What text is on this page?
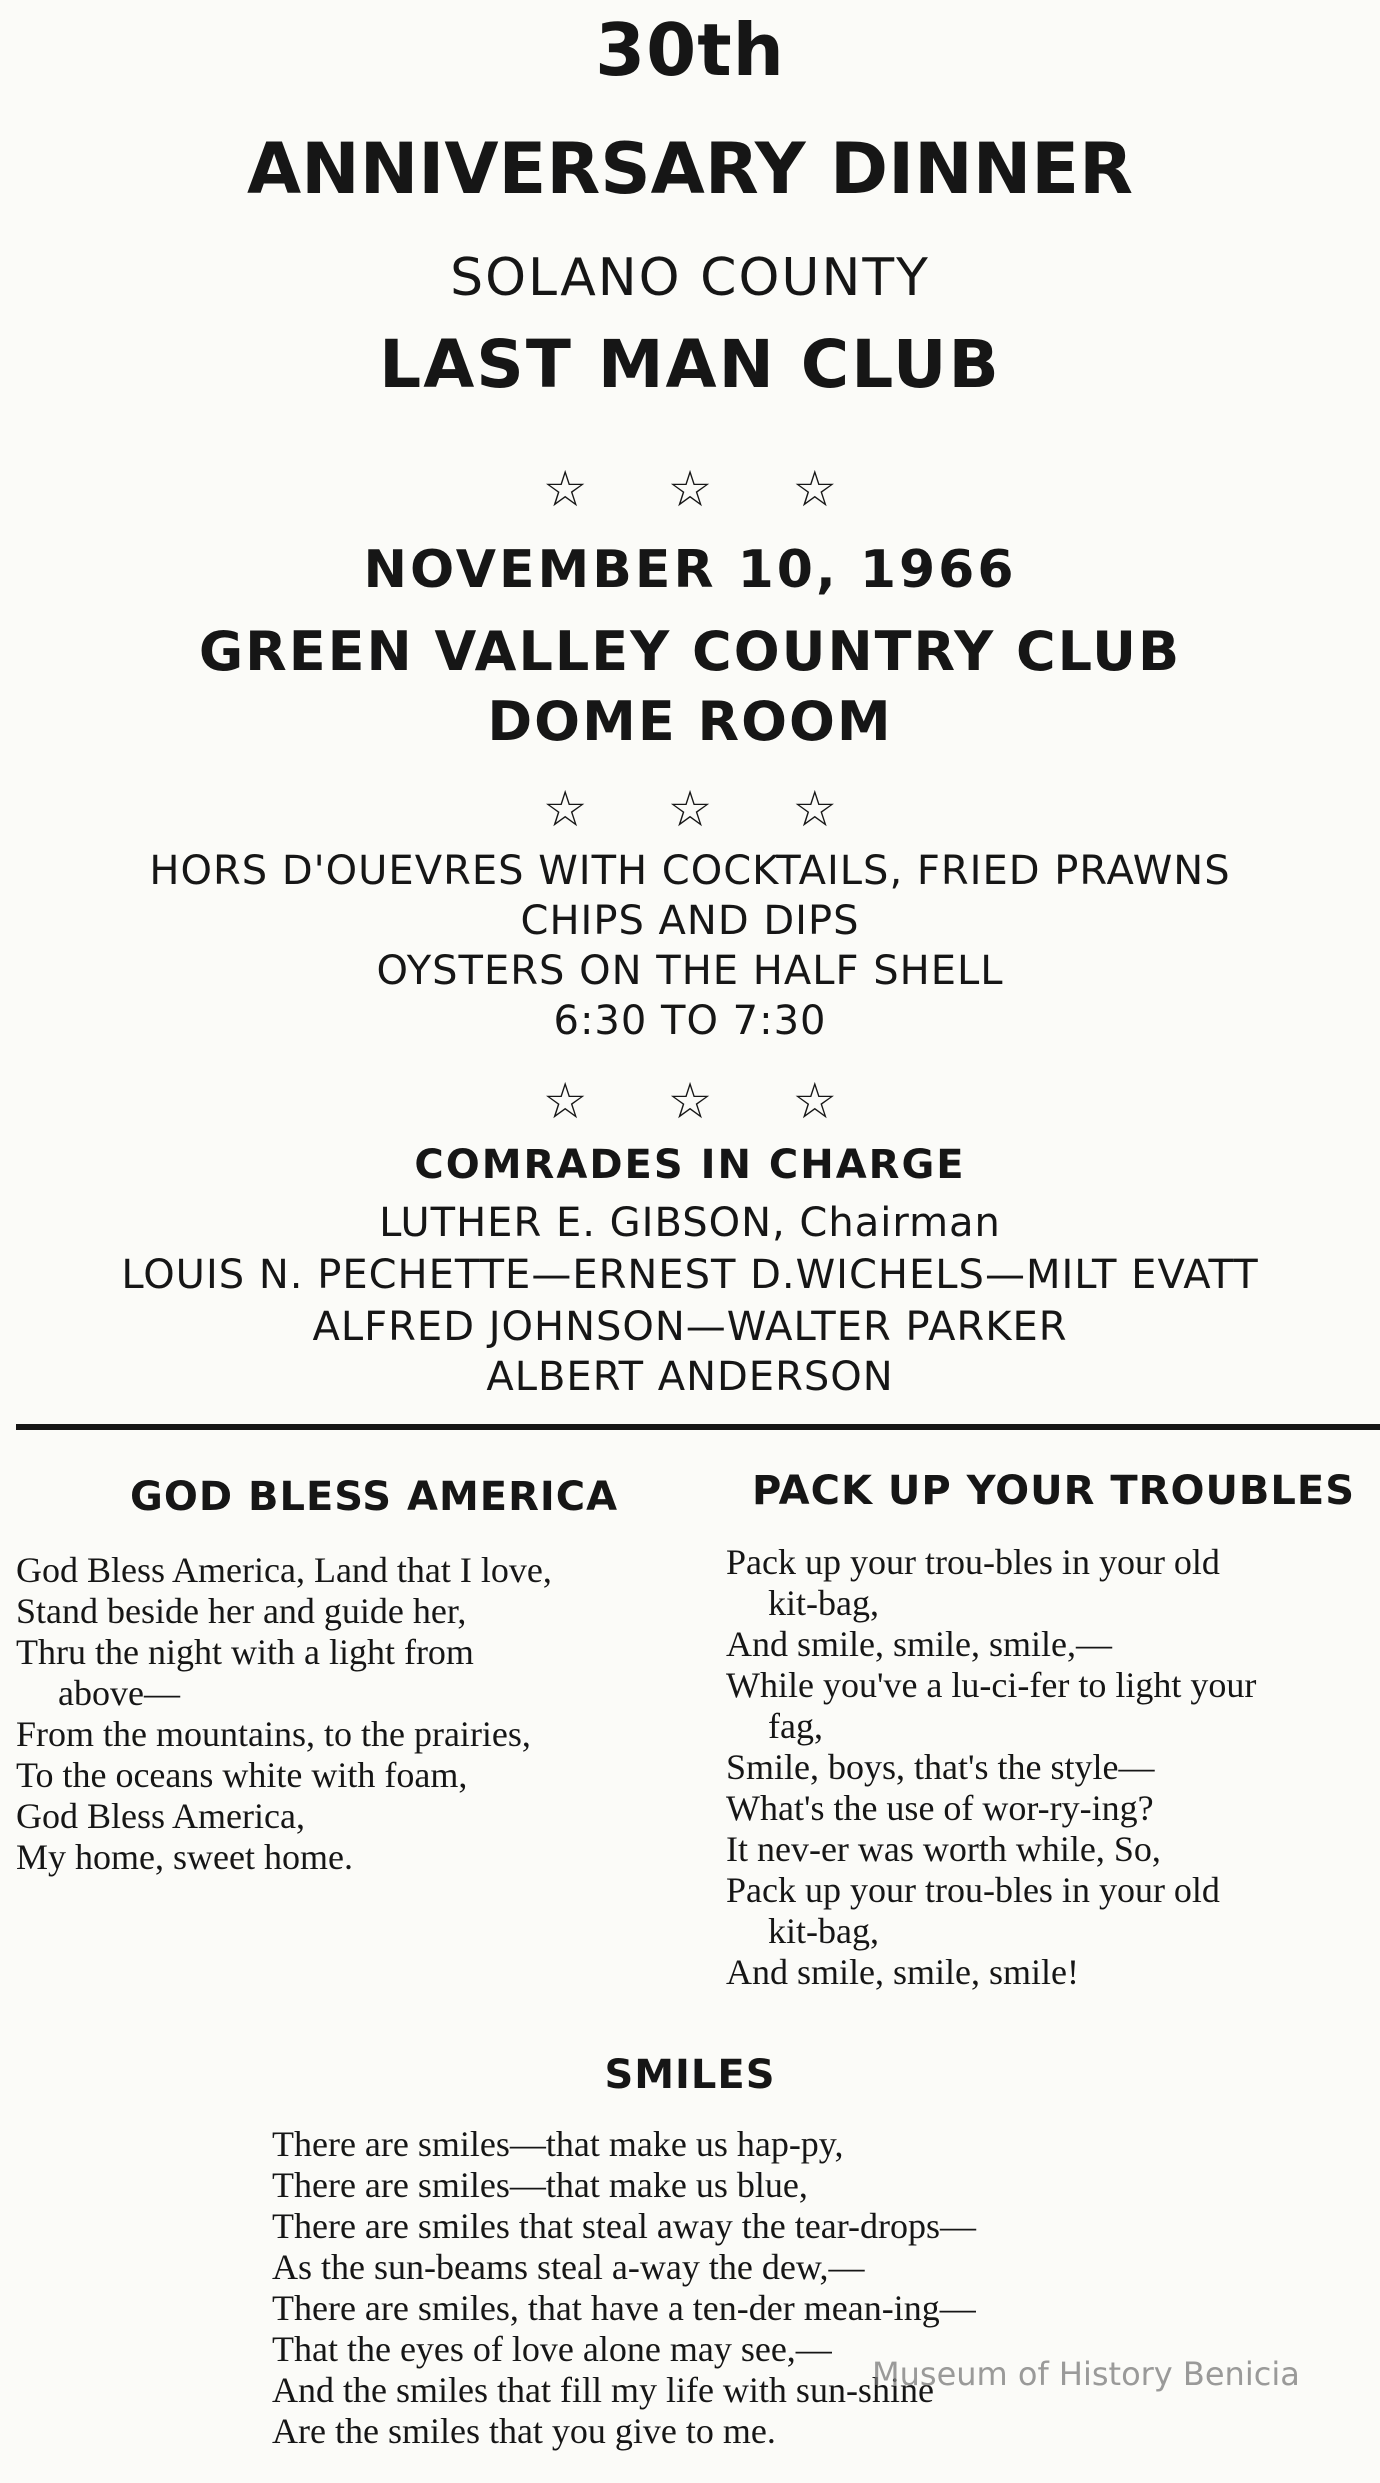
30th
ANNIVERSARY DINNER
SOLANO COUNTY
LAST MAN CLUB
☆ ☆ ☆
NOVEMBER 10, 1966
GREEN VALLEY COUNTRY CLUB
DOME ROOM
☆ ☆ ☆
HORS D'OUEVRES WITH COCKTAILS, FRIED PRAWNS
CHIPS AND DIPS
OYSTERS ON THE HALF SHELL
6:30 TO 7:30
☆ ☆ ☆
COMRADES IN CHARGE
LUTHER E. GIBSON, Chairman
LOUIS N. PECHETTE—ERNEST D.WICHELS—MILT EVATT
ALFRED JOHNSON—WALTER PARKER
ALBERT ANDERSON
GOD BLESS AMERICA
God Bless America, Land that I love,
Stand beside her and guide her,
Thru the night with a light from
above—
From the mountains, to the prairies,
To the oceans white with foam,
God Bless America,
My home, sweet home.
PACK UP YOUR TROUBLES
Pack up your trou-bles in your old
kit-bag,
And smile, smile, smile,—
While you've a lu-ci-fer to light your
fag,
Smile, boys, that's the style—
What's the use of wor-ry-ing?
It nev-er was worth while, So,
Pack up your trou-bles in your old
kit-bag,
And smile, smile, smile!
SMILES
There are smiles—that make us hap-py,
There are smiles—that make us blue,
There are smiles that steal away the tear-drops—
As the sun-beams steal a-way the dew,—
There are smiles, that have a ten-der mean-ing—
That the eyes of love alone may see,—
And the smiles that fill my life with sun-shine
Are the smiles that you give to me.
Museum of History Benicia
